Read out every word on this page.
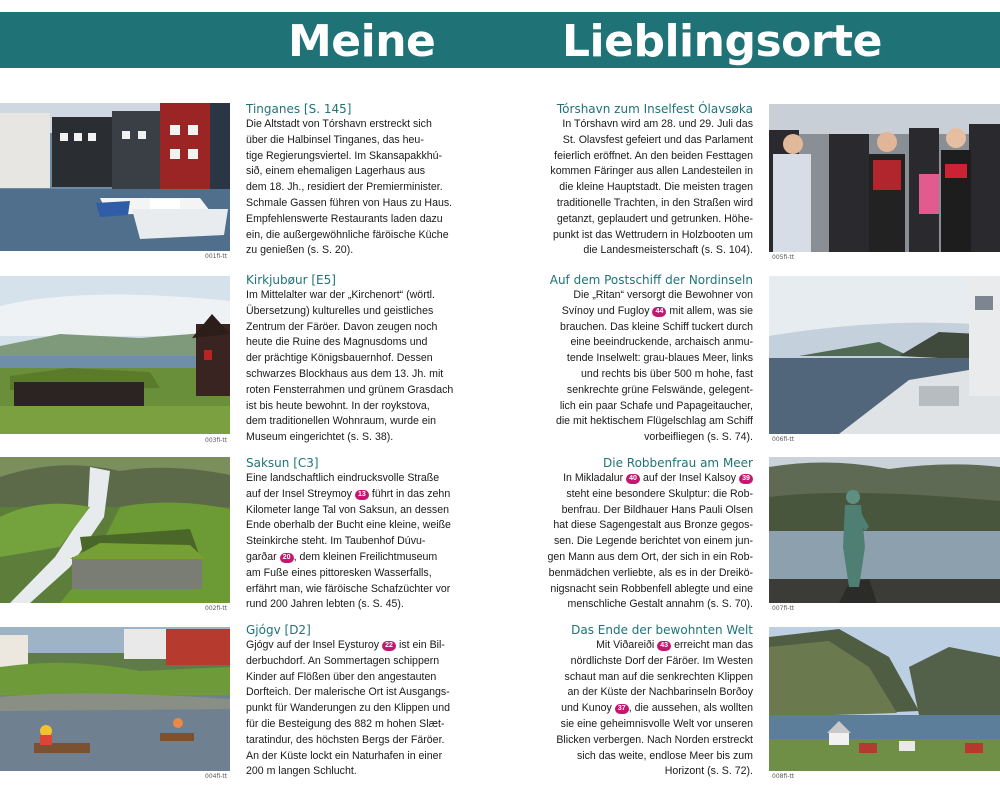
Meine	Lieblingsorte
001fi-tt
003fi-tt
002fi-tt
004fi-tt
005fi-tt
006fi-tt
007fi-tt
008fi-tt
Tinganes [S. 145]

Die Altstadt von Tórshavn erstreckt sich
über die Halbinsel Tinganes, das heu-
tige Regierungsviertel. Im Skansapakkhú-
sið, einem ehemaligen Lagerhaus aus
dem 18. Jh., residiert der Premierminister.
Schmale Gassen führen von Haus zu Haus.
Empfehlenswerte Restaurants laden dazu
ein, die außergewöhnliche färöische Küche
zu genießen (s. S. 20).

Kirkjubøur [E5]

Im Mittelalter war der „Kirchenort“ (wörtl.
Übersetzung) kulturelles und geistliches
Zentrum der Färöer. Davon zeugen noch
heute die Ruine des Magnusdoms und
der prächtige Königsbauernhof. Dessen
schwarzes Blockhaus aus dem 13. Jh. mit
roten Fensterrahmen und grünem Grasdach
ist bis heute bewohnt. In der roykstova,
dem traditionellen Wohnraum, wurde ein
Museum eingerichtet (s. S. 38).

Saksun [C3]

Eine landschaftlich eindrucksvolle Straße
auf der Insel Streymoy 13 führt in das zehn
Kilometer lange Tal von Saksun, an dessen
Ende oberhalb der Bucht eine kleine, weiße
Steinkirche steht. Im Taubenhof Dúvu-
garðar 20 , dem kleinen Freilichtmuseum
am Fuße eines pittoresken Wasserfalls,
erfährt man, wie färöische Schafzüchter vor
rund 200 Jahren lebten (s. S. 45).

Gjógv [D2]

Gjógv auf der Insel Eysturoy 22 ist ein Bil-
derbuchdorf. An Sommertagen schippern
Kinder auf Flößen über den angestauten
Dorfteich. Der malerische Ort ist Ausgangs-
punkt für Wanderungen zu den Klippen und
für die Besteigung des 882 m hohen Slæt-
taratindur, des höchsten Bergs der Färöer.
An der Küste lockt ein Naturhafen in einer
200 m langen Schlucht.

Tórshavn zum Inselfest Ólavsøka

In Tórshavn wird am 28. und 29. Juli das
St. Olavsfest gefeiert und das Parlament
feierlich eröffnet. An den beiden Festtagen
kommen Färinger aus allen Landesteilen in
die kleine Hauptstadt. Die meisten tragen
traditionelle Trachten, in den Straßen wird
getanzt, geplaudert und getrunken. Höhe-
punkt ist das Wettrudern in Holzbooten um
die Landesmeisterschaft (s. S. 104).

Auf dem Postschiff der Nordinseln

Die „Ritan“ versorgt die Bewohner von
Svínoy und Fugloy 44 mit allem, was sie
brauchen. Das kleine Schiff tuckert durch
eine beeindruckende, archaisch anmu-
tende Inselwelt: grau-blaues Meer, links
und rechts bis über 500 m hohe, fast
senkrechte grüne Felswände, gelegent-
lich ein paar Schafe und Papageitaucher,
die mit hektischem Flügelschlag am Schiff
vorbeifliegen (s. S. 74).

Die Robbenfrau am Meer

In Mikladalur 40 auf der Insel Kalsoy 39
steht eine besondere Skulptur: die Rob-
benfrau. Der Bildhauer Hans Pauli Olsen
hat diese Sagengestalt aus Bronze gegos-
sen. Die Legende berichtet von einem jun-
gen Mann aus dem Ort, der sich in ein Rob-
benmädchen verliebte, als es in der Dreikö-
nigsnacht sein Robbenfell ablegte und eine
menschliche Gestalt annahm (s. S. 70).

Das Ende der bewohnten Welt

Mit Viðareiði 43 erreicht man das
nördlichste Dorf der Färöer. Im Westen
schaut man auf die senkrechten Klippen
an der Küste der Nachbarinseln Borðoy
und Kunoy 37 , die aussehen, als wollten
sie eine geheimnisvolle Welt vor unseren
Blicken verbergen. Nach Norden erstreckt
sich das weite, endlose Meer bis zum
Horizont (s. S. 72).
